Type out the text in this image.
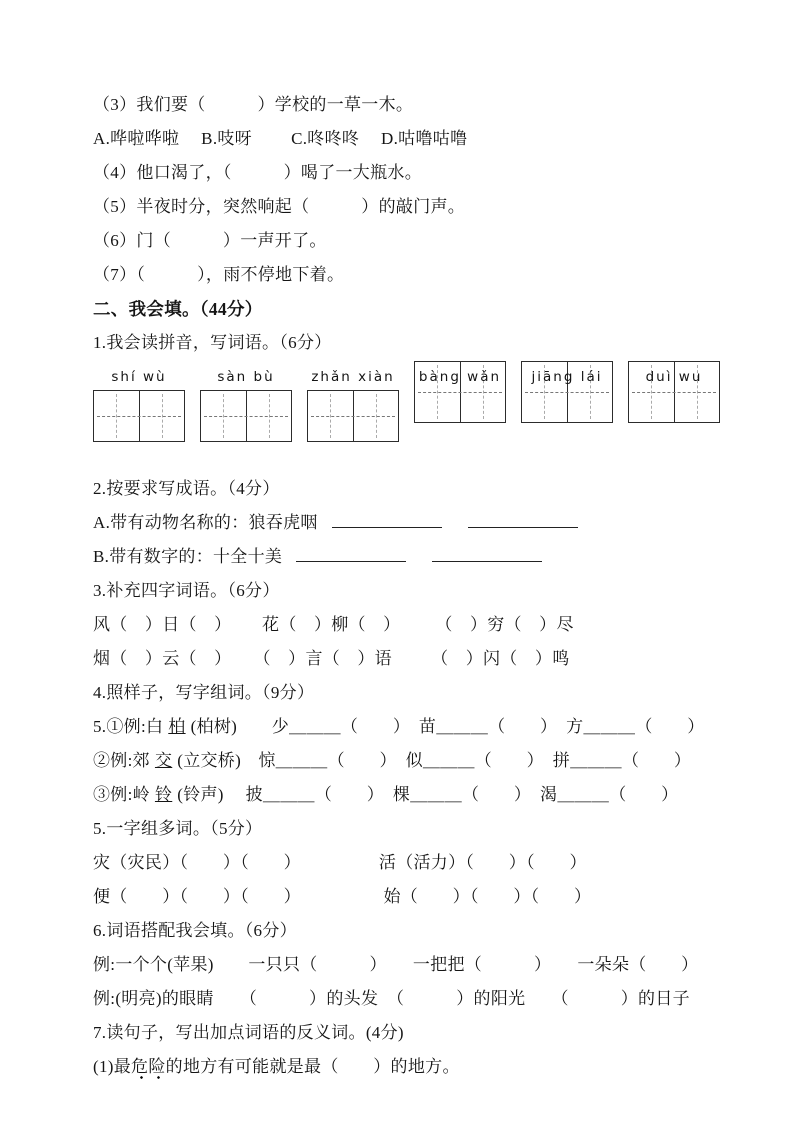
（3）我们要（　　　）学校的一草一木。
A.哗啦哗啦　 B.吱呀　　 C.咚咚咚　 D.咕噜咕噜
（4）他口渴了，（　　　）喝了一大瓶水。
（5）半夜时分，突然响起（　　　）的敲门声。
（6）门（　　　）一声开了。
（7）（　　　），雨不停地下着。
二、我会填。（44分）
1.我会读拼音，写词语。（6分）
shí wù	sàn bù	zhǎn xiàn	bàng wǎn	jiāng lái	duì wu
2.按要求写成语。（4分）
A.带有动物名称的：狼吞虎咽
B.带有数字的：十全十美
3.补充四字词语。（6分）
风（　）日（　）　　 花（　）柳（　）　　　（　）穷（　）尽
烟（　）云（　）　 　（　）言（　）语　　 （　）闪（　）鸣
4.照样子，写字组词。（9分）
5.①例:白 柏 (柏树)　　少＿＿＿（　　）　苗＿＿＿（　　）　方＿＿＿（　　）
②例:郊 交 (立交桥)　惊＿＿＿（　　）　似＿＿＿（　　）　拼＿＿＿（　　）
③例:岭 铃 (铃声)　 披＿＿＿（　　）　棵＿＿＿（　　）　渴＿＿＿（　　）
5.一字组多词。（5分）
灾（灾民）（　　）（　　）　　　　　活（活力）（　　）（　　）
便（　　）（　　）（　　）　　　　　 始（　　）（　　）（　　）
6.词语搭配我会填。（6分）
例:一个个(苹果)　　一只只（　　　）　　一把把（　　　）　　一朵朵（　　）
例:(明亮)的眼睛　　（　　　）的头发　（　　　）的阳光　　（　　　）的日子
7.读句子，写出加点词语的反义词。(4分)
(1)最危险的地方有可能就是最（　　）的地方。
